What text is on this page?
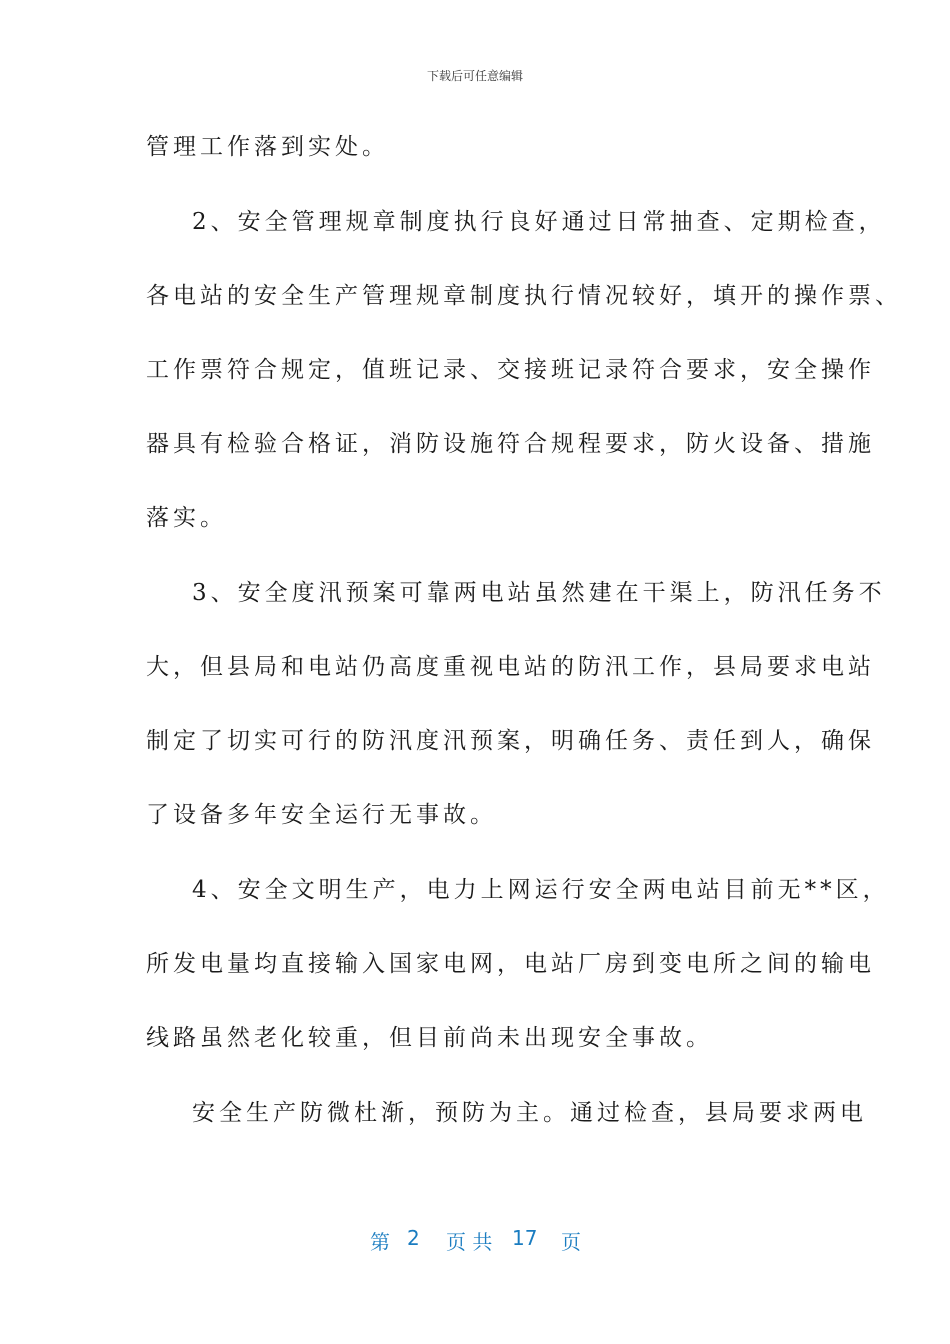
下载后可任意编辑
管理工作落到实处。
2、安全管理规章制度执行良好通过日常抽查、定期检查，
各电站的安全生产管理规章制度执行情况较好，填开的操作票、
工作票符合规定，值班记录、交接班记录符合要求，安全操作
器具有检验合格证，消防设施符合规程要求，防火设备、措施
落实。
3、安全度汛预案可靠两电站虽然建在干渠上，防汛任务不
大，但县局和电站仍高度重视电站的防汛工作，县局要求电站
制定了切实可行的防汛度汛预案，明确任务、责任到人，确保
了设备多年安全运行无事故。
4、安全文明生产，电力上网运行安全两电站目前无**区，
所发电量均直接输入国家电网，电站厂房到变电所之间的输电
线路虽然老化较重，但目前尚未出现安全事故。
安全生产防微杜渐，预防为主。通过检查，县局要求两电
第 2 页 共 17 页
